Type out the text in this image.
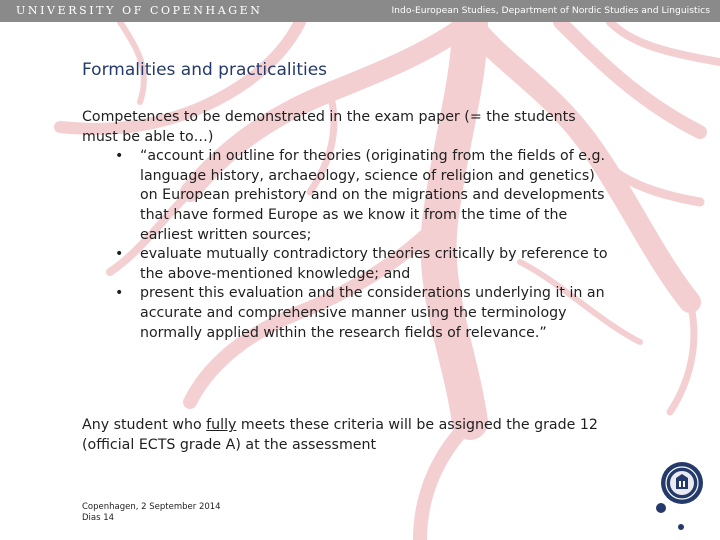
UNIVERSITY OF COPENHAGEN	Indo-European Studies, Department of Nordic Studies and Linguistics
Formalities and practicalities

Competences to be demonstrated in the exam paper (= the students must be able to…)

• “account in outline for theories (originating from the fields of e.g. language history, archaeology, science of religion and genetics) on European prehistory and on the migrations and developments that have formed Europe as we know it from the time of the earliest written sources;
• evaluate mutually contradictory theories critically by reference to the above-mentioned knowledge; and
• present this evaluation and the considerations underlying it in an accurate and comprehensive manner using the terminology normally applied within the research fields of relevance.”
Any student who fully meets these criteria will be assigned the grade 12 (official ECTS grade A) at the assessment
Copenhagen, 2 September 2014
Dias 14
